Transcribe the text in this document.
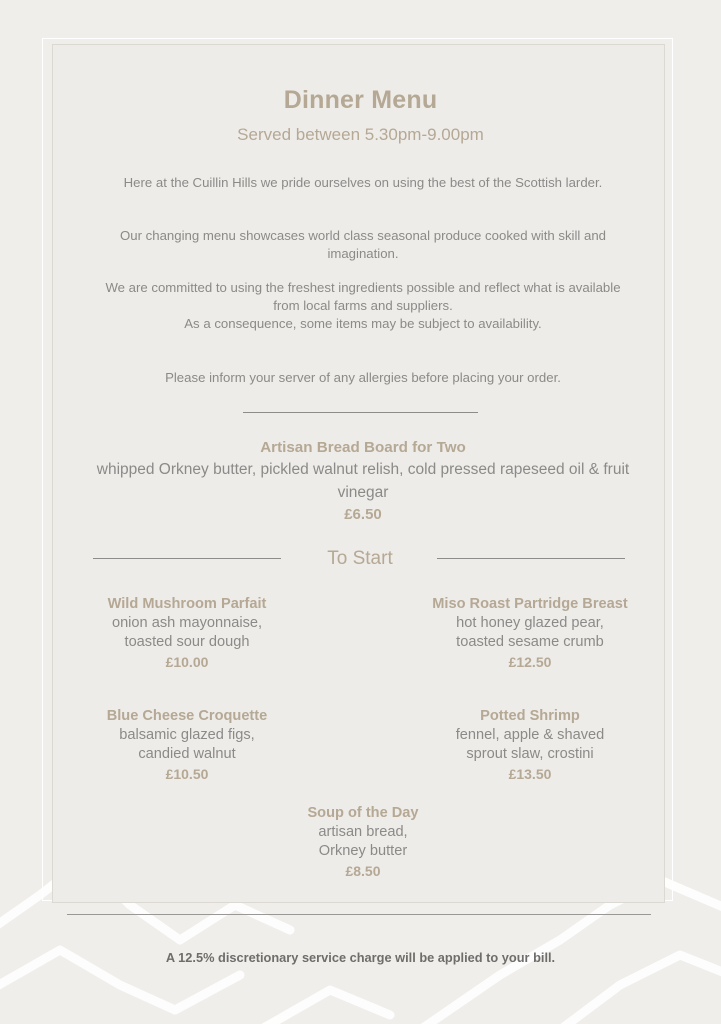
Dinner Menu
Served between 5.30pm-9.00pm
Here at the Cuillin Hills we pride ourselves on using the best of the Scottish larder.
Our changing menu showcases world class seasonal produce cooked with skill and imagination.
We are committed to using the freshest ingredients possible and reflect what is available from local farms and suppliers.
As a consequence, some items may be subject to availability.
Please inform your server of any allergies before placing your order.
Artisan Bread Board for Two
whipped Orkney butter, pickled walnut relish, cold pressed rapeseed oil & fruit vinegar
£6.50
To Start
Wild Mushroom Parfait
onion ash mayonnaise,
toasted sour dough
£10.00
Miso Roast Partridge Breast
hot honey glazed pear,
toasted sesame crumb
£12.50
Blue Cheese Croquette
balsamic glazed figs,
candied walnut
£10.50
Potted Shrimp
fennel, apple & shaved
sprout slaw, crostini
£13.50
Soup of the Day
artisan bread,
Orkney butter
£8.50
A 12.5% discretionary service charge will be applied to your bill.
